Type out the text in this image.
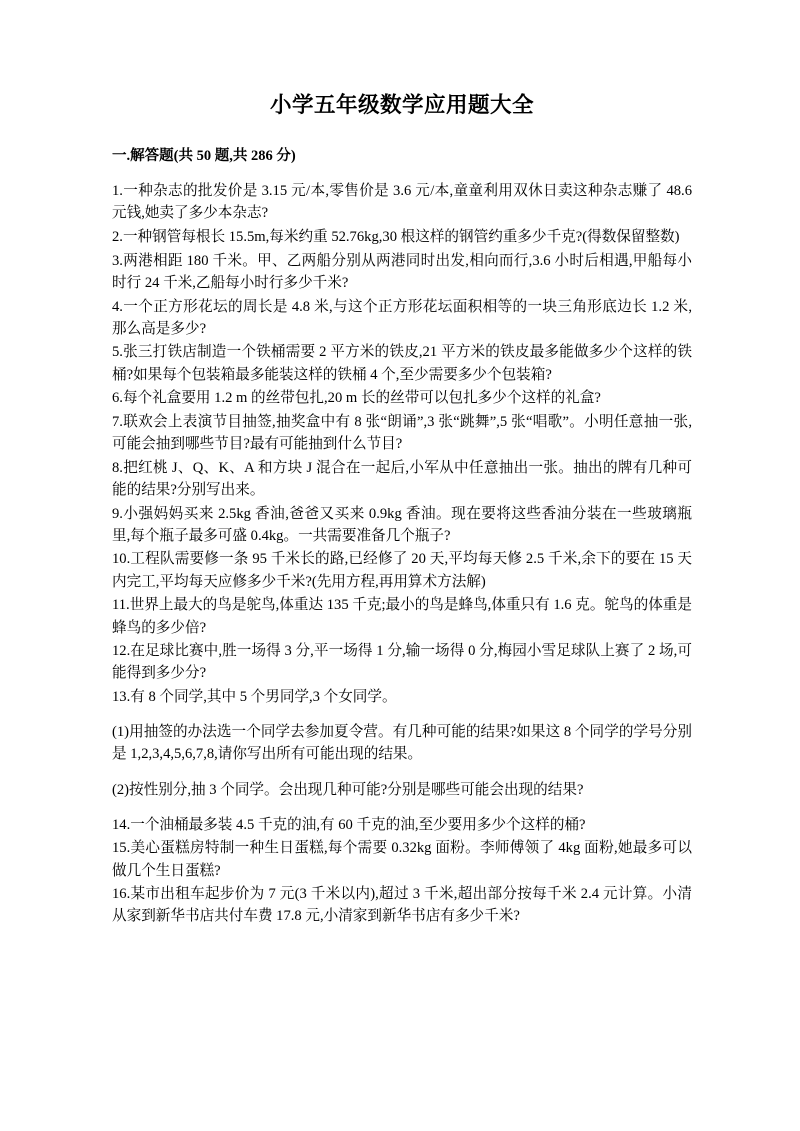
小学五年级数学应用题大全
一.解答题(共 50 题,共 286 分)

1.一种杂志的批发价是 3.15 元/本,零售价是 3.6 元/本,童童利用双休日卖这种杂志赚了 48.6 元钱,她卖了多少本杂志?

2.一种钢管每根长 15.5m,每米约重 52.76kg,30 根这样的钢管约重多少千克?(得数保留整数)

3.两港相距 180 千米。甲、乙两船分别从两港同时出发,相向而行,3.6 小时后相遇,甲船每小时行 24 千米,乙船每小时行多少千米?

4.一个正方形花坛的周长是 4.8 米,与这个正方形花坛面积相等的一块三角形底边长 1.2 米,那么高是多少?

5.张三打铁店制造一个铁桶需要 2 平方米的铁皮,21 平方米的铁皮最多能做多少个这样的铁桶?如果每个包装箱最多能装这样的铁桶 4 个,至少需要多少个包装箱?

6.每个礼盒要用 1.2 m 的丝带包扎,20 m 长的丝带可以包扎多少个这样的礼盒?

7.联欢会上表演节目抽签,抽奖盒中有 8 张“朗诵”,3 张“跳舞”,5 张“唱歌”。小明任意抽一张,可能会抽到哪些节目?最有可能抽到什么节目?

8.把红桃 J、Q、K、A 和方块 J 混合在一起后,小军从中任意抽出一张。抽出的牌有几种可能的结果?分别写出来。

9.小强妈妈买来 2.5kg 香油,爸爸又买来 0.9kg 香油。现在要将这些香油分装在一些玻璃瓶里,每个瓶子最多可盛 0.4kg。一共需要准备几个瓶子?

10.工程队需要修一条 95 千米长的路,已经修了 20 天,平均每天修 2.5 千米,余下的要在 15 天内完工,平均每天应修多少千米?(先用方程,再用算术方法解)

11.世界上最大的鸟是鸵鸟,体重达 135 千克;最小的鸟是蜂鸟,体重只有 1.6 克。鸵鸟的体重是蜂鸟的多少倍?

12.在足球比赛中,胜一场得 3 分,平一场得 1 分,输一场得 0 分,梅园小雪足球队上赛了 2 场,可能得到多少分?

13.有 8 个同学,其中 5 个男同学,3 个女同学。

(1)用抽签的办法选一个同学去参加夏令营。有几种可能的结果?如果这 8 个同学的学号分别是 1,2,3,4,5,6,7,8,请你写出所有可能出现的结果。

(2)按性别分,抽 3 个同学。会出现几种可能?分别是哪些可能会出现的结果?

14.一个油桶最多装 4.5 千克的油,有 60 千克的油,至少要用多少个这样的桶?

15.美心蛋糕房特制一种生日蛋糕,每个需要 0.32kg 面粉。李师傅领了 4kg 面粉,她最多可以做几个生日蛋糕?

16.某市出租车起步价为 7 元(3 千米以内),超过 3 千米,超出部分按每千米 2.4 元计算。小清从家到新华书店共付车费 17.8 元,小清家到新华书店有多少千米?
